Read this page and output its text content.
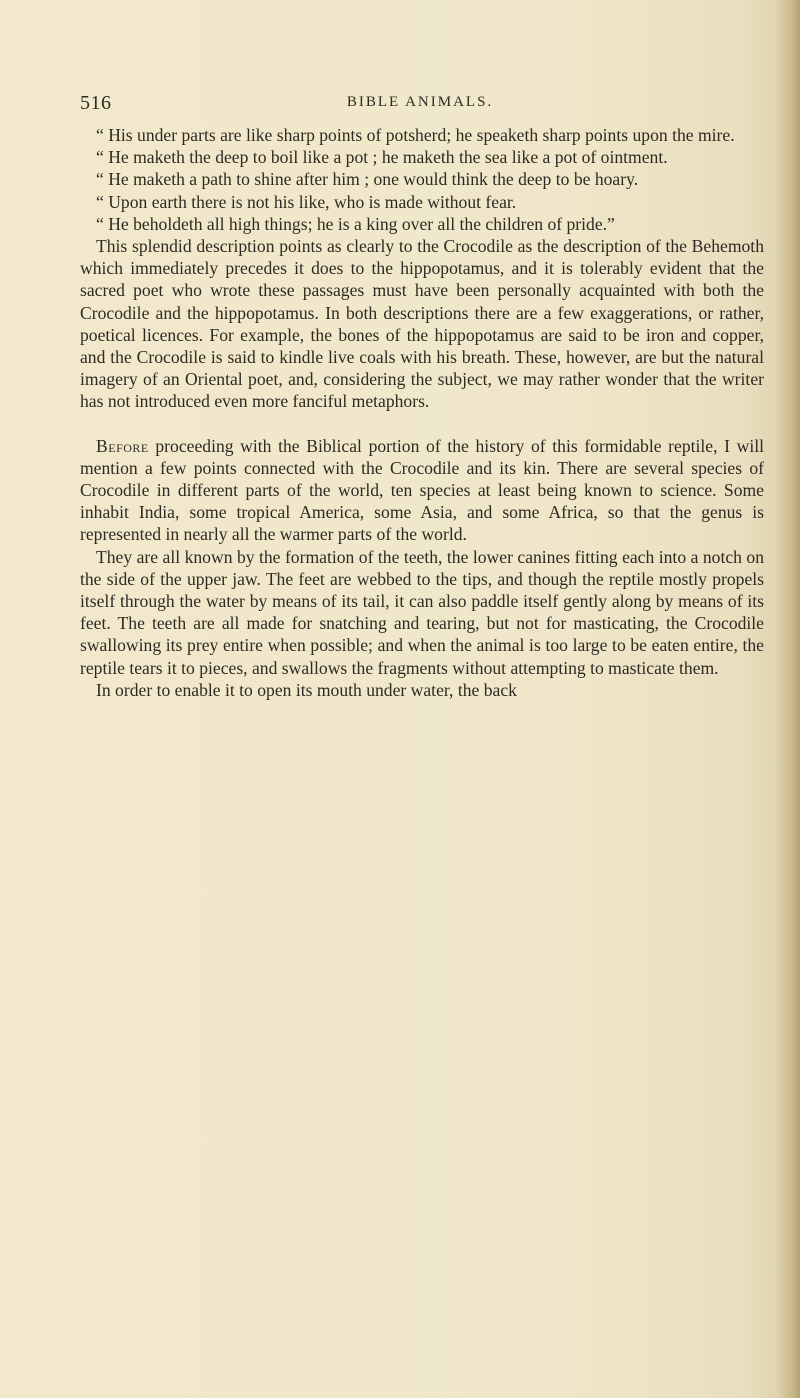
516	BIBLE ANIMALS.

“ His under parts are like sharp points of potsherd; he speaketh sharp points upon the mire.

“ He maketh the deep to boil like a pot ; he maketh the sea like a pot of ointment.

“ He maketh a path to shine after him ; one would think the deep to be hoary.

“ Upon earth there is not his like, who is made without fear.

“ He beholdeth all high things; he is a king over all the children of pride.”

This splendid description points as clearly to the Crocodile as the description of the Behemoth which immediately precedes it does to the hippopotamus, and it is tolerably evident that the sacred poet who wrote these passages must have been personally acquainted with both the Crocodile and the hippopotamus. In both descriptions there are a few exaggerations, or rather, poetical licences. For example, the bones of the hippopotamus are said to be iron and copper, and the Crocodile is said to kindle live coals with his breath. These, however, are but the natural imagery of an Oriental poet, and, considering the subject, we may rather wonder that the writer has not introduced even more fanciful metaphors.

Before proceeding with the Biblical portion of the history of this formidable reptile, I will mention a few points connected with the Crocodile and its kin. There are several species of Crocodile in different parts of the world, ten species at least being known to science. Some inhabit India, some tropical America, some Asia, and some Africa, so that the genus is represented in nearly all the warmer parts of the world.

They are all known by the formation of the teeth, the lower canines fitting each into a notch on the side of the upper jaw. The feet are webbed to the tips, and though the reptile mostly propels itself through the water by means of its tail, it can also paddle itself gently along by means of its feet. The teeth are all made for snatching and tearing, but not for masticating, the Crocodile swallowing its prey entire when possible; and when the animal is too large to be eaten entire, the reptile tears it to pieces, and swallows the fragments without attempting to masticate them.

In order to enable it to open its mouth under water, the back
